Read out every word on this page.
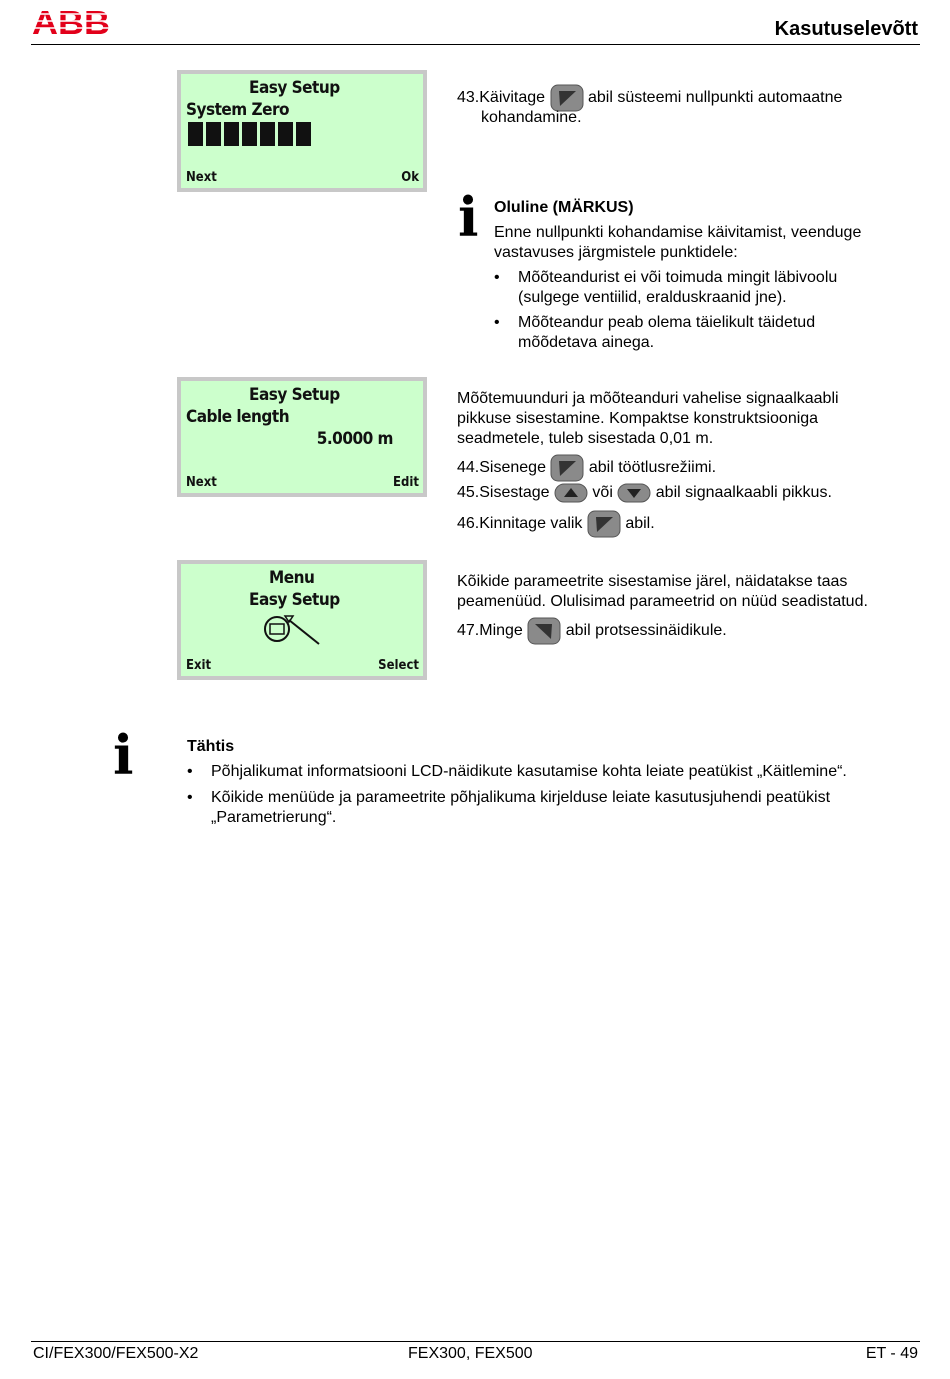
ABB	Kasutuselevõtt
Easy Setup
System Zero
Next	Ok
43.Käivitage	abil süsteemi nullpunkti automaatne
kohandamine.
i Oluline (MÄRKUS)
Enne nullpunkti kohandamise käivitamist, veenduge
vastavuses järgmistele punktidele:
• Mõõteandurist ei või toimuda mingit läbivoolu
(sulgege ventiilid, eralduskraanid jne).
• Mõõteandur peab olema täielikult täidetud
mõõdetava ainega.
Easy Setup
Cable length
5.0000 m
Next	Edit
Mõõtemuunduri ja mõõteanduri vahelise signaalkaabli
pikkuse sisestamine. Kompaktse konstruktsiooniga
seadmetele, tuleb sisestada 0,01 m.
44.Sisenege	abil töötlusrežiimi.
45.Sisestage	või	abil signaalkaabli pikkus.
46.Kinnitage valik	abil.
Menu
Easy Setup
Exit	Select
Kõikide parameetrite sisestamise järel, näidatakse taas
peamenüüd. Olulisimad parameetrid on nüüd seadistatud.
47.Minge	abil protsessinäidikule.
i	Tähtis
• Põhjalikumat informatsiooni LCD-näidikute kasutamise kohta leiate peatükist „Käitlemine“.
• Kõikide menüüde ja parameetrite põhjalikuma kirjelduse leiate kasutusjuhendi peatükist
„Parametrierung“.
CI/FEX300/FEX500-X2	FEX300, FEX500	ET - 49
